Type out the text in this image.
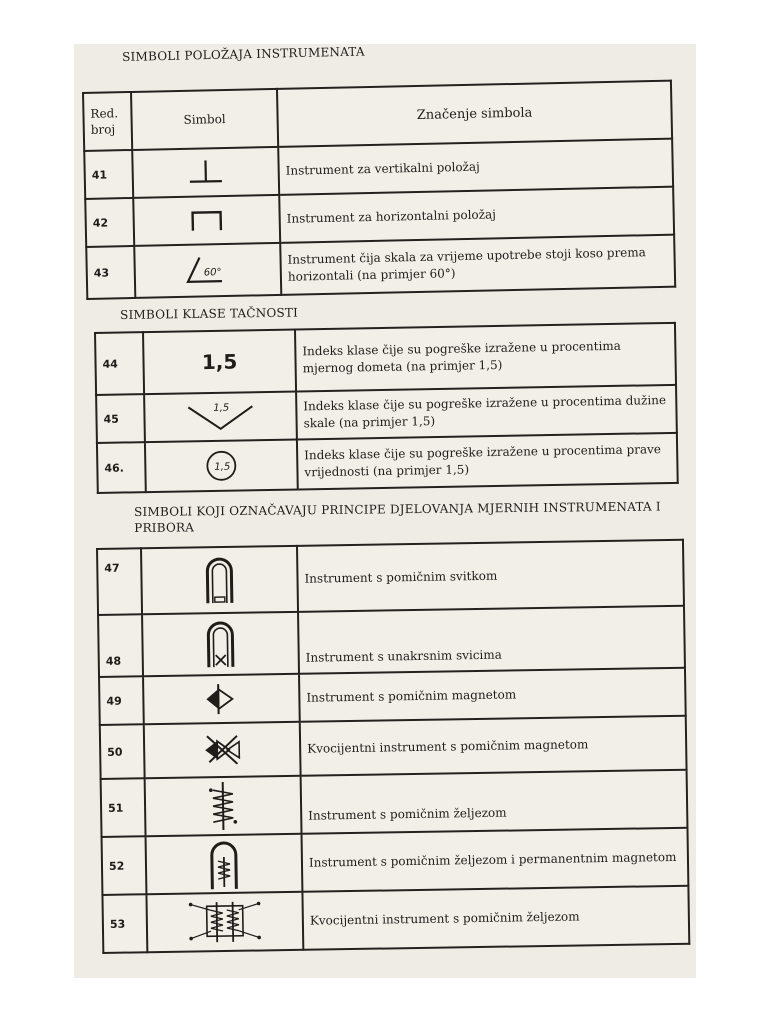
SIMBOLI POLOŽAJA INSTRUMENATA
Red. broj	Simbol	Značenje simbola
41		Instrument za vertikalni položaj
42		Instrument za horizontalni položaj
43	60°	Instrument čija skala za vrijeme upotrebe stoji koso prema horizontali (na primjer 60°)
SIMBOLI KLASE TAČNOSTI
44	1,5	Indeks klase čije su pogreške izražene u procentima mjernog dometa (na primjer 1,5)
45	1,5	Indeks klase čije su pogreške izražene u procentima dužine skale (na primjer 1,5)
46.	1,5	Indeks klase čije su pogreške izražene u procentima prave vrijednosti (na primjer 1,5)
SIMBOLI KOJI OZNAČAVAJU PRINCIPE DJELOVANJA MJERNIH INSTRUMENATA I PRIBORA
47		Instrument s pomičnim svitkom
48		Instrument s unakrsnim svicima
49		Instrument s pomičnim magnetom
50		Kvocijentni instrument s pomičnim magnetom
51		Instrument s pomičnim željezom
52		Instrument s pomičnim željezom i permanentnim magnetom
53		Kvocijentni instrument s pomičnim željezom
